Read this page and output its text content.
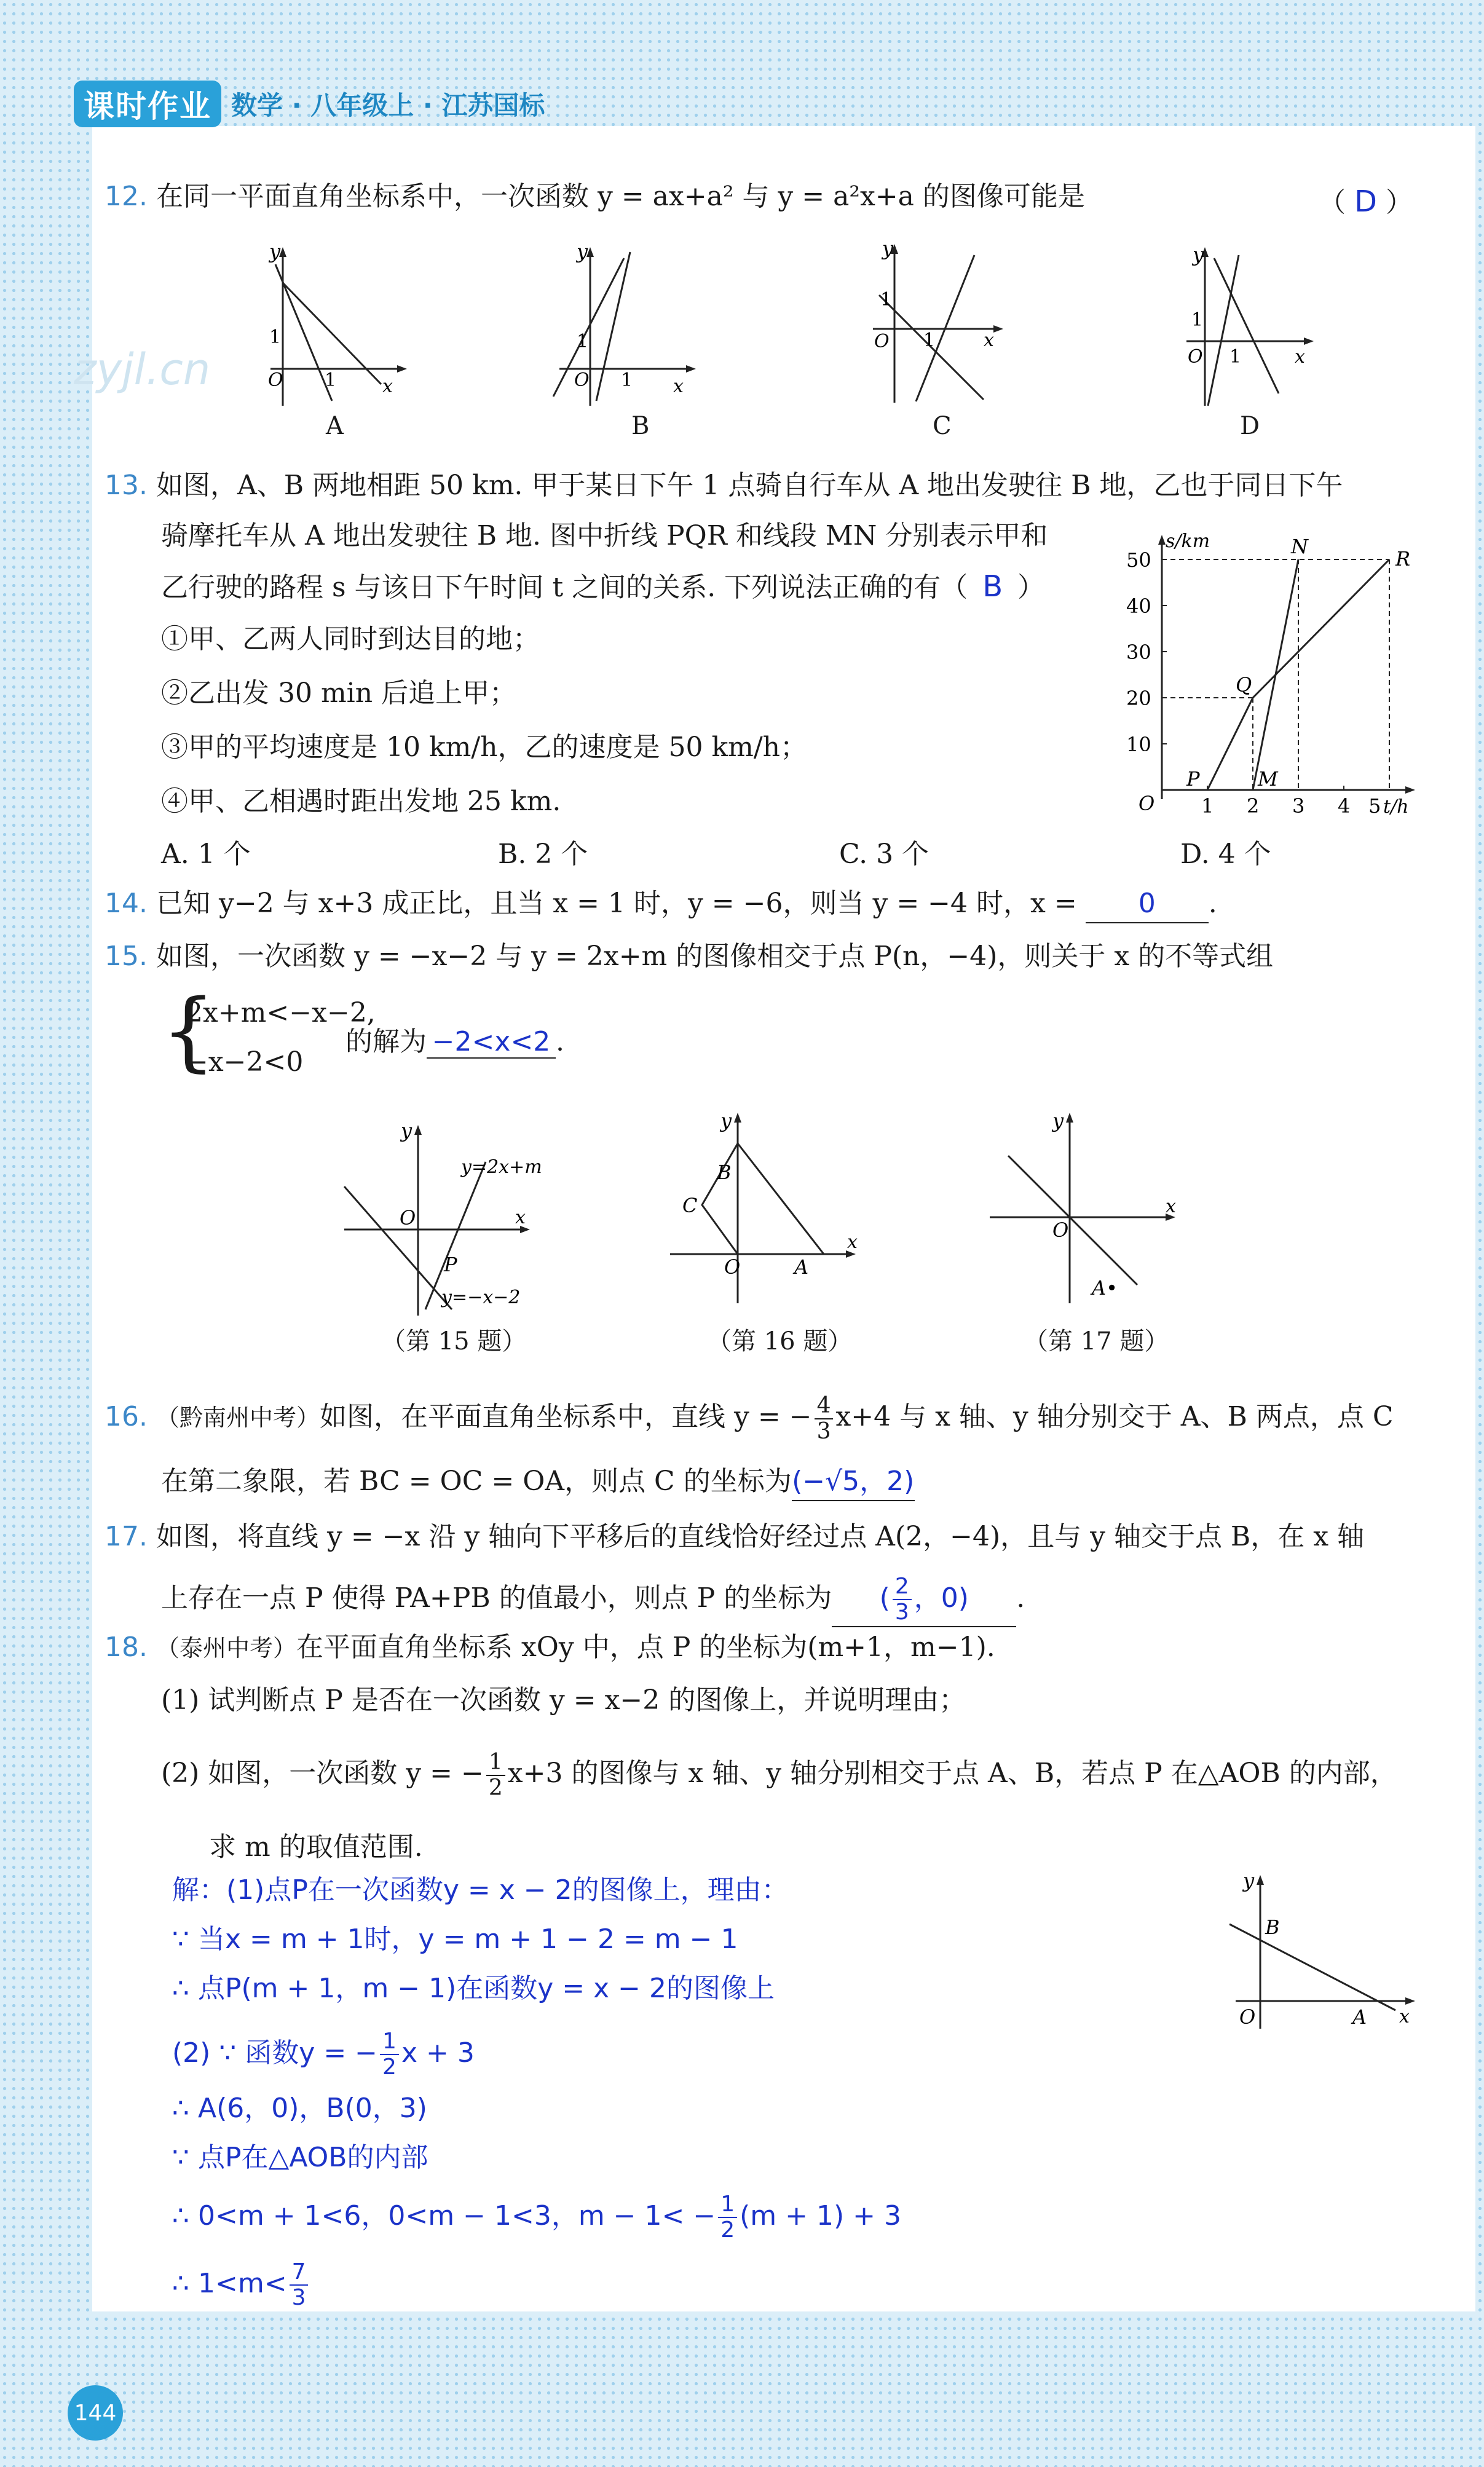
课时作业 数学 · 八年级上 · 江苏国标
zyjl.cn
12. 在同一平面直角坐标系中，一次函数 y = ax+a² 与 y = a²x+a 的图像可能是	（ D ）
y
x
O
1
1
y
x
O
1
1
y
x
O
1
1
y
x
O
1
1
A	B	C	D
13. 如图，A、B 两地相距 50 km. 甲于某日下午 1 点骑自行车从 A 地出发驶往 B 地，乙也于同日下午
骑摩托车从 A 地出发驶往 B 地. 图中折线 PQR 和线段 MN 分别表示甲和
乙行驶的路程 s 与该日下午时间 t 之间的关系. 下列说法正确的有（ B ）
①甲、乙两人同时到达目的地；
②乙出发 30 min 后追上甲；
③甲的平均速度是 10 km/h，乙的速度是 50 km/h；
④甲、乙相遇时距出发地 25 km.
A. 1 个	B. 2 个	C. 3 个	D. 4 个
s/km
t/h
O
50
40
30
20
10
1 2 3 4 5
P
Q
R
M
N
14. 已知 y−2 与 x+3 成正比，且当 x = 1 时，y = −6，则当 y = −4 时，x = 0 .
15. 如图，一次函数 y = −x−2 与 y = 2x+m 的图像相交于点 P(n，−4)，则关于 x 的不等式组
{
2x+m<−x−2,
−x−2<0
的解为 −2<x<2 .
y
x
O
y=2x+m
y=−x−2
P
y
x
O
B
C
A
y
x
O
A•
（第 15 题）	（第 16 题）	（第 17 题）
16. （黔南州中考）如图，在平面直角坐标系中，直线 y = − $\frac{4}{3} x+4$ 与 x 轴、y 轴分别交于 A、B 两点，点 C
在第二象限，若 BC = OC = OA，则点 C 的坐标为(−√5，2)
17. 如图，将直线 y = −x 沿 y 轴向下平移后的直线恰好经过点 A(2，−4)，且与 y 轴交于点 B，在 x 轴
上存在一点 P 使得 PA+PB 的值最小，则点 P 的坐标为 ( $\frac{2}{3}$ ，0) .
18. （泰州中考）在平面直角坐标系 xOy 中，点 P 的坐标为(m+1，m−1).
(1) 试判断点 P 是否在一次函数 y = x−2 的图像上，并说明理由；
(2) 如图，一次函数 y = − $\frac{1}{2} x+3$ 的图像与 x 轴、y 轴分别相交于点 A、B，若点 P 在△AOB 的内部，
求 m 的取值范围.
y
x
O
B
A
解：(1)点P在一次函数y = x − 2的图像上，理由：
∵ 当x = m + 1时，y = m + 1 − 2 = m − 1
∴ 点P(m + 1，m − 1)在函数y = x − 2的图像上
(2) ∵ 函数y = − $\frac{1}{2}$ x + 3
∴ A(6，0)，B(0，3)
∵ 点P在△AOB的内部
∴ 0<m + 1<6，0<m − 1<3，$m - 1< - \frac{1}{2} (m + 1) + 3$
∴ $1<m< \frac{7}{3}$
144
